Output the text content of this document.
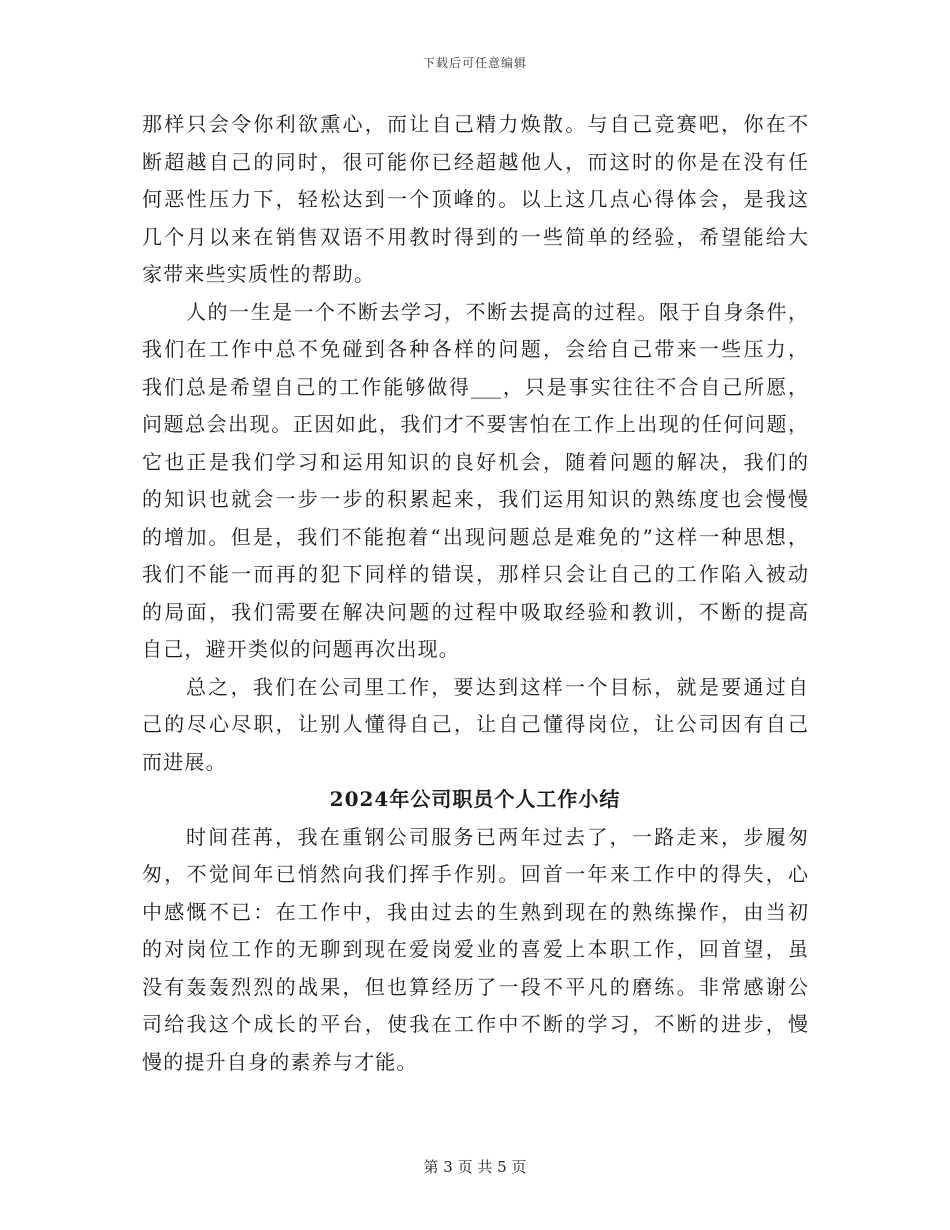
下载后可任意编辑
那样只会令你利欲熏心，而让自己精力焕散。与自己竞赛吧，你在不
断超越自己的同时，很可能你已经超越他人，而这时的你是在没有任
何恶性压力下，轻松达到一个顶峰的。以上这几点心得体会，是我这
几个月以来在销售双语不用教时得到的一些简单的经验，希望能给大
家带来些实质性的帮助。
人的一生是一个不断去学习，不断去提高的过程。限于自身条件，
我们在工作中总不免碰到各种各样的问题，会给自己带来一些压力，
我们总是希望自己的工作能够做得___，只是事实往往不合自己所愿，
问题总会出现。正因如此，我们才不要害怕在工作上出现的任何问题，
它也正是我们学习和运用知识的良好机会，随着问题的解决，我们的
的知识也就会一步一步的积累起来，我们运用知识的熟练度也会慢慢
的增加。但是，我们不能抱着“出现问题总是难免的”这样一种思想，
我们不能一而再的犯下同样的错误，那样只会让自己的工作陷入被动
的局面，我们需要在解决问题的过程中吸取经验和教训，不断的提高
自己，避开类似的问题再次出现。
总之，我们在公司里工作，要达到这样一个目标，就是要通过自
己的尽心尽职，让别人懂得自己，让自己懂得岗位，让公司因有自己
而进展。
2024年公司职员个人工作小结
时间荏苒，我在重钢公司服务已两年过去了，一路走来，步履匆
匆，不觉间年已悄然向我们挥手作别。回首一年来工作中的得失，心
中感慨不已：在工作中，我由过去的生熟到现在的熟练操作，由当初
的对岗位工作的无聊到现在爱岗爱业的喜爱上本职工作，回首望，虽
没有轰轰烈烈的战果，但也算经历了一段不平凡的磨练。非常感谢公
司给我这个成长的平台，使我在工作中不断的学习，不断的进步，慢
慢的提升自身的素养与才能。
第 3 页 共 5 页
